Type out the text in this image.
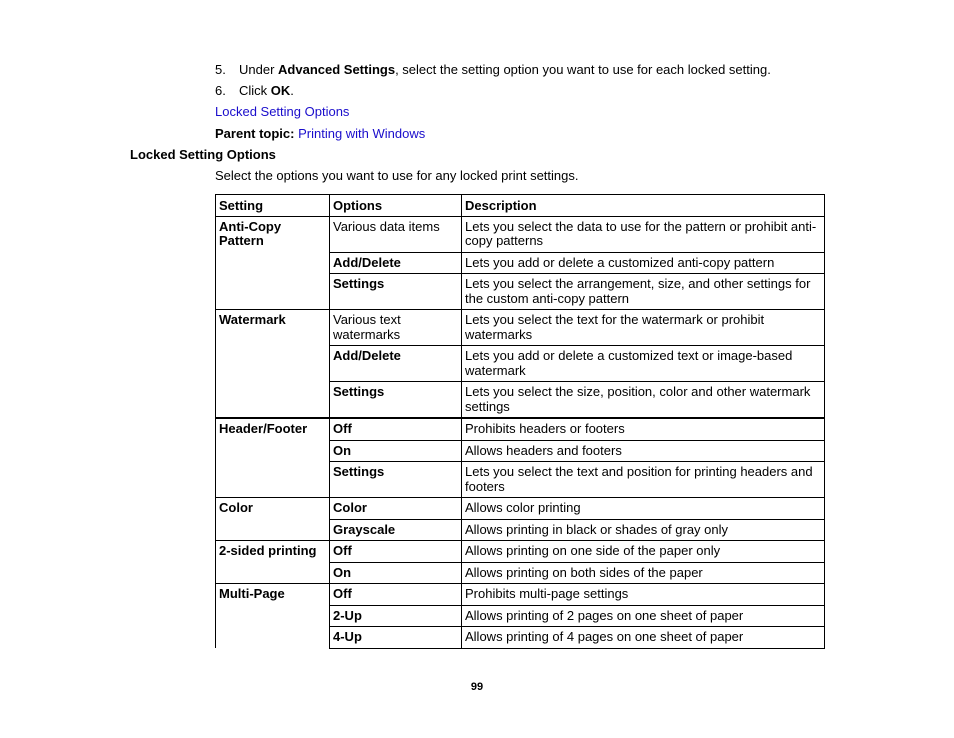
5. Under Advanced Settings, select the setting option you want to use for each locked setting.
6. Click OK.
Locked Setting Options
Parent topic: Printing with Windows
Locked Setting Options
Select the options you want to use for any locked print settings.
Setting	Options	Description
Anti-Copy Pattern	Various data items	Lets you select the data to use for the pattern or prohibit anti-copy patterns
	Add/Delete	Lets you add or delete a customized anti-copy pattern
	Settings	Lets you select the arrangement, size, and other settings for the custom anti-copy pattern
Watermark	Various text watermarks	Lets you select the text for the watermark or prohibit watermarks
	Add/Delete	Lets you add or delete a customized text or image-based watermark
	Settings	Lets you select the size, position, color and other watermark settings
Header/Footer	Off	Prohibits headers or footers
	On	Allows headers and footers
	Settings	Lets you select the text and position for printing headers and footers
Color	Color	Allows color printing
	Grayscale	Allows printing in black or shades of gray only
2-sided printing	Off	Allows printing on one side of the paper only
	On	Allows printing on both sides of the paper
Multi-Page	Off	Prohibits multi-page settings
	2-Up	Allows printing of 2 pages on one sheet of paper
	4-Up	Allows printing of 4 pages on one sheet of paper
99
